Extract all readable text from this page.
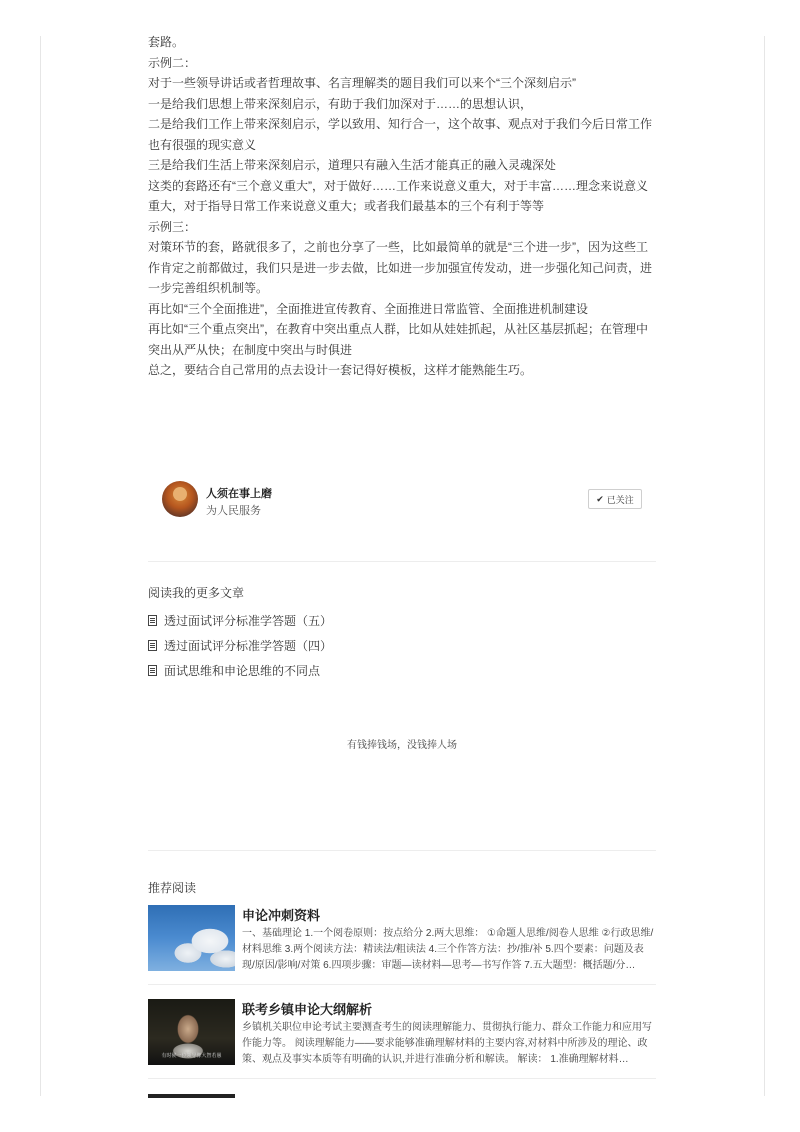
套路。

示例二：

对于一些领导讲话或者哲理故事、名言理解类的题目我们可以来个“三个深刻启示”

一是给我们思想上带来深刻启示，有助于我们加深对于……的思想认识，

二是给我们工作上带来深刻启示，学以致用、知行合一，这个故事、观点对于我们今后日常工作也有很强的现实意义

三是给我们生活上带来深刻启示，道理只有融入生活才能真正的融入灵魂深处

这类的套路还有“三个意义重大”，对于做好……工作来说意义重大，对于丰富……理念来说意义重大，对于指导日常工作来说意义重大；或者我们最基本的三个有利于等等

示例三：

对策环节的套，路就很多了，之前也分享了一些，比如最简单的就是“三个进一步”，因为这些工作肯定之前都做过，我们只是进一步去做，比如进一步加强宣传发动，进一步强化知己问责，进一步完善组织机制等。

再比如“三个全面推进”，全面推进宣传教育、全面推进日常监管、全面推进机制建设

再比如“三个重点突出”，在教育中突出重点人群，比如从娃娃抓起，从社区基层抓起；在管理中突出从严从快；在制度中突出与时俱进

总之，要结合自己常用的点去设计一套记得好模板，这样才能熟能生巧。

人须在事上磨
为人民服务
✔ 已关注
阅读我的更多文章
透过面试评分标准学答题（五）
透过面试评分标准学答题（四）
面试思维和申论思维的不同点
有钱捧钱场，没钱捧人场
推荐阅读
申论冲刺资料
一、基础理论 1.一个阅卷原则：按点给分 2.两大思维： ①命题人思维/阅卷人思维 ②行政思维/材料思维 3.两个阅读方法：精读法/粗读法 4.三个作答方法：抄/推/补 5.四个要素：问题及表现/原因/影响/对策 6.四项步骤：审题—读材料—思考—书写作答 7.五大题型：概括题/分…
有时候一位领导像大智若愚
联考乡镇申论大纲解析
乡镇机关职位申论考试主要测查考生的阅读理解能力、贯彻执行能力、群众工作能力和应用写作能力等。 阅读理解能力——要求能够准确理解材料的主要内容,对材料中所涉及的理论、政策、观点及事实本质等有明确的认识,并进行准确分析和解读。 解读： 1.准确理解材料…
